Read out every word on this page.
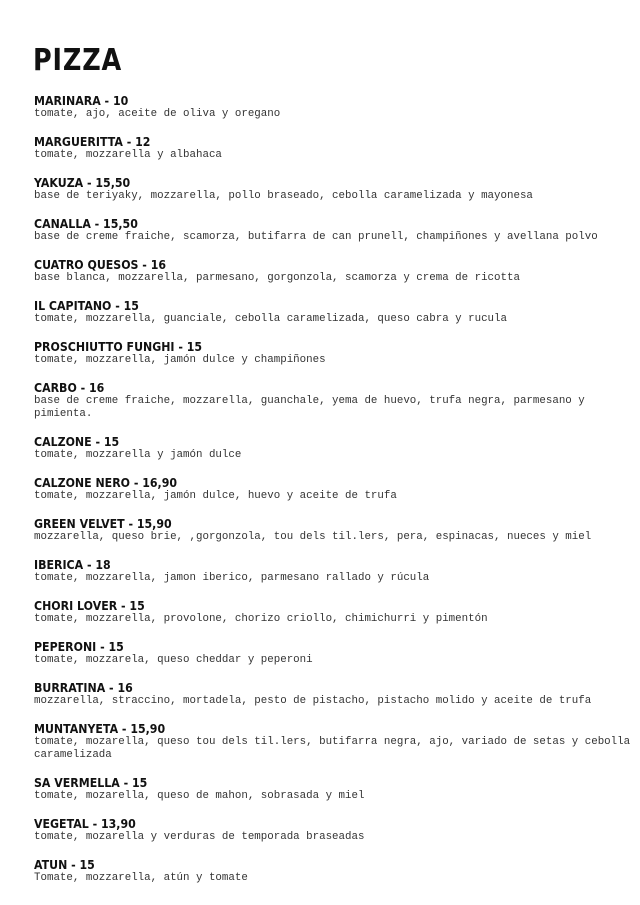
PIZZA
MARINARA - 10
tomate, ajo, aceite de oliva y oregano
MARGUERITTA - 12
tomate, mozzarella y albahaca
YAKUZA - 15,50
base de teriyaky, mozzarella, pollo braseado, cebolla caramelizada y mayonesa
CANALLA - 15,50
base de creme fraiche, scamorza, butifarra de can prunell, champiñones y avellana polvo
CUATRO QUESOS - 16
base blanca, mozzarella, parmesano, gorgonzola, scamorza y crema de ricotta
IL CAPITANO - 15
tomate, mozzarella, guanciale, cebolla caramelizada, queso cabra y rucula
PROSCHIUTTO FUNGHI - 15
tomate, mozzarella, jamón dulce y champiñones
CARBO - 16
base de creme fraiche, mozzarella, guanchale, yema de huevo, trufa negra, parmesano y pimienta.
CALZONE - 15
tomate, mozzarella y jamón dulce
CALZONE NERO - 16,90
tomate, mozzarella, jamón dulce, huevo y aceite de trufa
GREEN VELVET - 15,90
mozzarella, queso brie, ,gorgonzola, tou dels til.lers, pera, espinacas, nueces y miel
IBERICA - 18
tomate, mozzarella, jamon iberico, parmesano rallado y rúcula
CHORI LOVER - 15
tomate, mozzarella, provolone, chorizo criollo, chimichurri y pimentón
PEPERONI - 15
tomate, mozzarela, queso cheddar y peperoni
BURRATINA - 16
mozzarella, straccino, mortadela, pesto de pistacho, pistacho molido y aceite de trufa
MUNTANYETA - 15,90
tomate, mozarella, queso tou dels til.lers, butifarra negra, ajo, variado de setas y cebolla caramelizada
SA VERMELLA - 15
tomate, mozarella, queso de mahon, sobrasada y miel
VEGETAL - 13,90
tomate, mozarella y verduras de temporada braseadas
ATUN - 15
Tomate, mozzarella, atún y tomate
